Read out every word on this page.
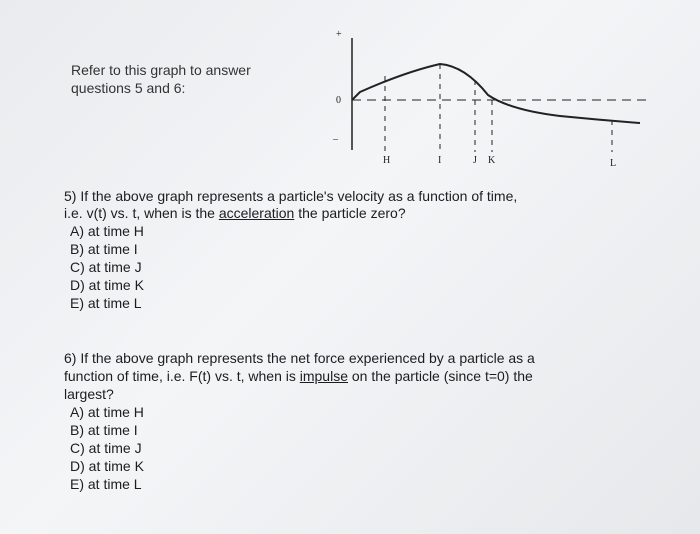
Refer to this graph to answer
questions 5 and 6:
+
0
–
H	I	J K	L
5) If the above graph represents a particle's velocity as a function of time,
i.e. v(t) vs. t, when is the acceleration the particle zero?
A) at time H
B) at time I
C) at time J
D) at time K
E) at time L
6) If the above graph represents the net force experienced by a particle as a
function of time, i.e. F(t) vs. t, when is impulse on the particle (since t=0) the
largest?
A) at time H
B) at time I
C) at time J
D) at time K
E) at time L
